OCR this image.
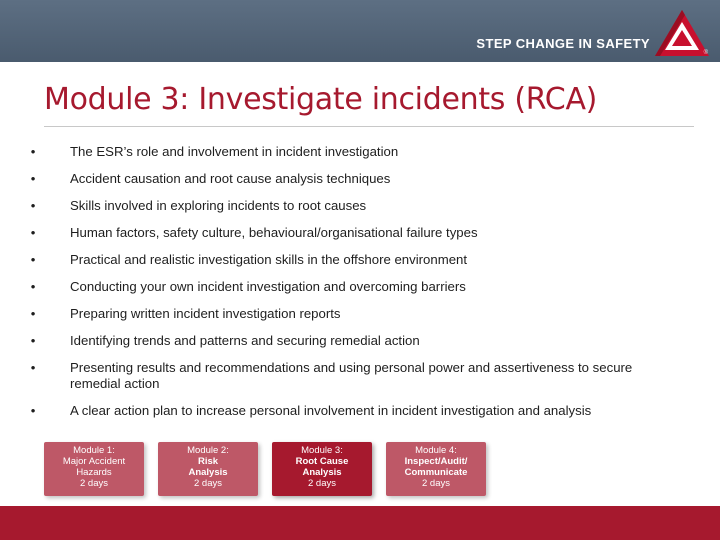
STEP CHANGE IN SAFETY
®
Module 3: Investigate incidents (RCA)
•	The ESR’s role and involvement in incident investigation
•	Accident causation and root cause analysis techniques
•	Skills involved in exploring incidents to root causes
•	Human factors, safety culture, behavioural/organisational failure types
•	Practical and realistic investigation skills in the offshore environment
•	Conducting your own incident investigation and overcoming barriers
•	Preparing written incident investigation reports
•	Identifying trends and patterns and securing remedial action
•	Presenting results and recommendations and using personal power and assertiveness to secure remedial action
•	A clear action plan to increase personal involvement in incident investigation and analysis
Module 1:
Major Accident
Hazards
2 days
Module 2:
Risk
Analysis
2 days
Module 3:
Root Cause
Analysis
2 days
Module 4:
Inspect/Audit/
Communicate
2 days
